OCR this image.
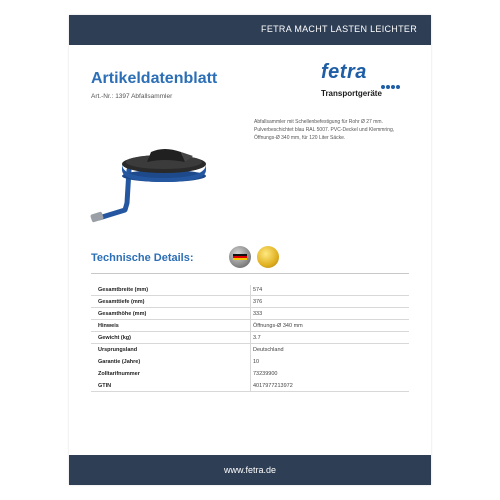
FETRA MACHT LASTEN LEICHTER
Artikeldatenblatt
Art.-Nr.: 1397 Abfallsammler
fetra
Transportgeräte
Abfallsammler mit Schellenbefestigung für Rohr Ø 27 mm. Pulverbeschichtet blau RAL 5007. PVC-Deckel und Klemmring, Öffnungs-Ø 340 mm, für 120 Liter Säcke.
Technische Details:
Gesamtbreite (mm)	574
Gesamttiefe (mm)	376
Gesamthöhe (mm)	333
Hinweis	Öffnungs-Ø 340 mm
Gewicht (kg)	3.7
Ursprungsland	Deutschland
Garantie (Jahre)	10
Zolltarifnummer	73239900
GTIN	4017977213972
www.fetra.de
